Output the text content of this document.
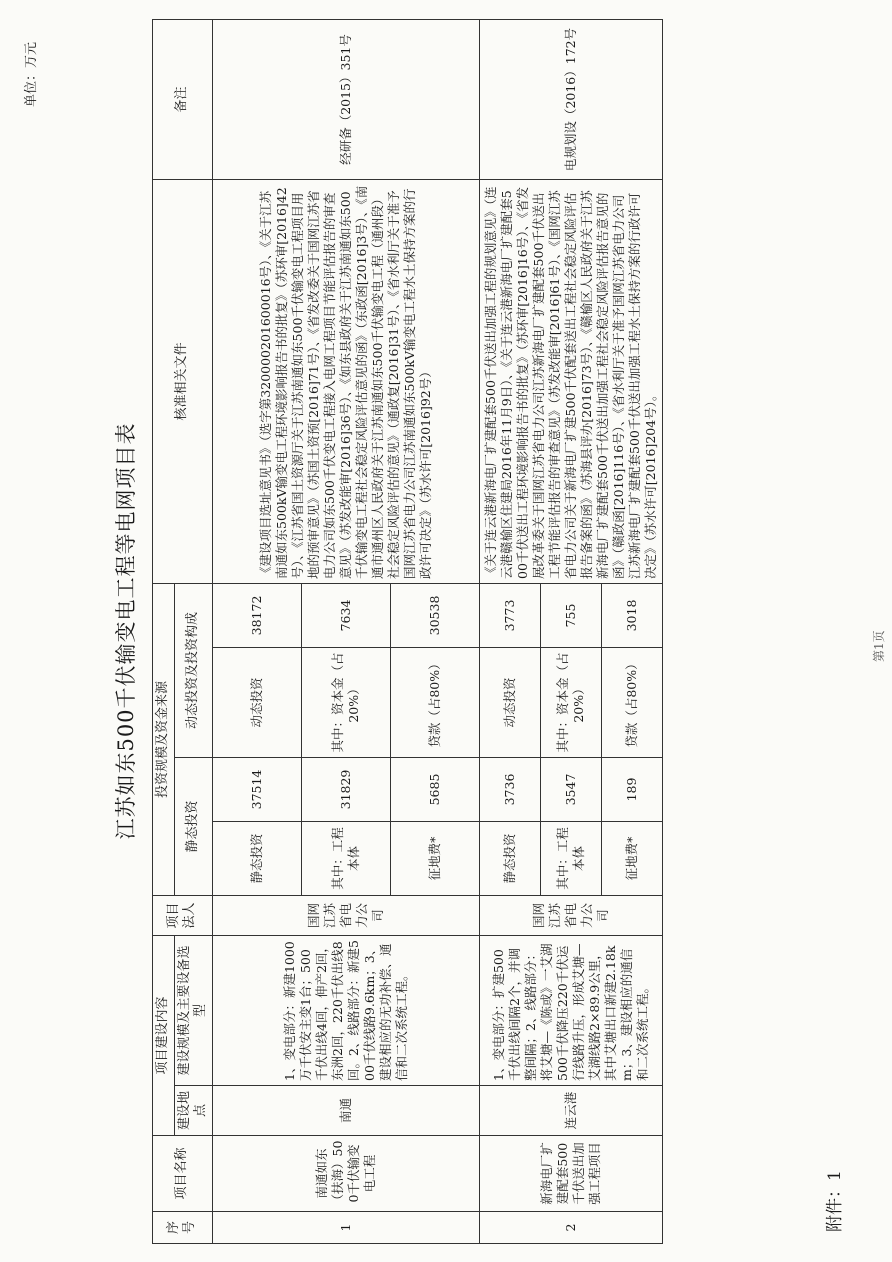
单位：万元
江苏如东500千伏输变电工程等电网项目表
附件：1
序号	项目名称	项目建设内容		项目法人	投资规模及资金来源				核准相关文件	备注
		建设地点	建设规模及主要设备选型		静态投资		动态投资及投资构成			
1	南通如东（扶海）500千伏输变电工程	南通	1、变电部分：新建1000万千伏安主变1台；500千伏出线4回，伸产2回，东洲2回，220千伏出线8回。2、线路部分：新建500千伏线路9.6km；3、建设相应的无功补偿、通信和二次系统工程。	国网江苏省电力公司	静态投资	37514	动态投资	38172	《建设项目选址意见书》（选字第320000201600016号）、《关于江苏南通如东500kV输变电工程环境影响报告书的批复》（苏环审[2016]42号）、《江苏省国土资源厅关于江苏南通如东500千伏输变电工程项目用地的预审意见》（苏国土资预[2016]71号）、《省发改委关于国网江苏省电力公司如东500千伏变电工程接入电网工程项目节能评估报告的审查意见》（苏发改能审[2016]36号）、《如东县政府关于江苏南通如东500千伏输变电工程社会稳定风险评估意见的函》（东政函[2016]3号）、《南通市通州区人民政府关于江苏南通如东500千伏输变电工程（通州段）社会稳定风险评估的意见》（通政复[2016]31号）、《省水利厅关于准予国网江苏省电力公司江苏南通如东500kV输变电工程水土保持方案的行政许可决定》（苏水许可[2016]92号）	经研备（2015）351号
					其中：工程本体	31829	其中：资本金（占20%）	7634		
					征地费*	5685	贷款（占80%）	30538		
2	新海电厂扩建配套500千伏送出加强工程项目	连云港	1、变电部分：扩建500千伏出线间隔2个，并调整间隔；2、线路部分：将艾塘—《陈或》一艾湖500千伏降压220千伏运行线路升压，形成艾塘—艾湖线路2×89.9公里，其中艾塘出口新建2.18km；3、建设相应的通信和二次系统工程。	国网江苏省电力公司	静态投资	3736	动态投资	3773	《关于连云港新海电厂扩建配套500千伏送出加强工程的规划意见》（连云港赣榆区住建局2016年11月9日）、《关于连云港新海电厂扩建配套500千伏送出工程环境影响报告书的批复》（苏环审[2016]16号）、《省发展改革委关于国网江苏省电力公司江苏新海电厂扩建配套500千伏送出工程节能评估报告的审查意见》（苏发改能审[2016]61号）、《国网江苏省电力公司关于新海电厂扩建500千伏配套送出工程社会稳定风险评估报告备案的函》（苏海县评办[2016]73号）、《赣榆区人民政府关于江苏新海电厂扩建配套500千伏送出加强工程社会稳定风险评估报告意见的函》（赣政函[2016]116号）、《省水利厅关于准予国网江苏省电力公司江苏新海电厂扩建配套500千伏送出加强工程水土保持方案的行政许可决定》（苏水许可[2016]204号）。	电规划设（2016）172号
					其中：工程本体	3547	其中：资本金（占20%）	755		
					征地费*	189	贷款（占80%）	3018		
第1页
